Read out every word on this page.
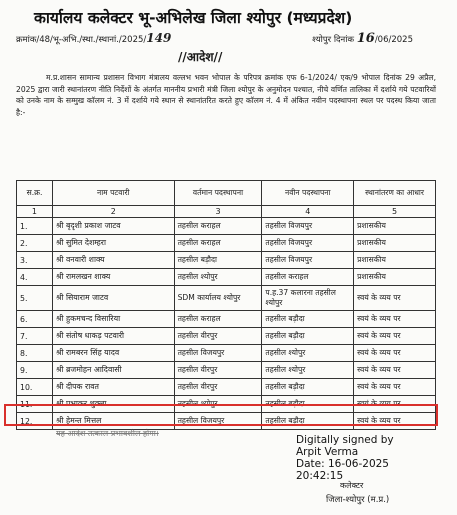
कार्यालय कलेक्टर भू-अभिलेख जिला श्योपुर (मध्यप्रदेश)
क्रमांक/48/भू-अभि./स्था./स्थानां./2025/149	श्योपुर दिनांक 16/06/2025
//आदेश//

म.प्र.शासन सामान्य प्रशासन विभाग मंत्रालय वल्लभ भवन भोपाल के परिपत्र क्रमांक एफ 6-1/2024/ एक/9 भोपाल दिनांक 29 अप्रैल, 2025 द्वारा जारी स्थानांतरण नीति निर्देशों के अंतर्गत माननीय प्रभारी मंत्री जिला श्योपुर के अनुमोदन पश्चात, नीचे वर्णित तालिका में दर्शाये गये पटवारियों को उनके नाम के सम्मुख कॉलम नं. 3 में दर्शाये गये स्थान से स्थानांतरित करते हुए कॉलम नं. 4 में अंकित नवीन पदस्थापना स्थल पर पदस्थ किया जाता है:-

स.क्र.	नाम पटवारी	वर्तमान पदस्थापना	नवीन पदस्थापना	स्थानांतरण का आधार
1	2	3	4	5
1.	श्री बृदृशी प्रकाश जाटव	तहसील कराहल	तहसील विजयपुर	प्रशासकीय
2.	श्री सुमित देशम्हरा	तहसील कराहल	तहसील विजयपुर	प्रशासकीय
3.	श्री वनवारी शाक्य	तहसील बड़ौदा	तहसील विजयपुर	प्रशासकीय
4.	श्री रामलखन शाक्य	तहसील श्योपुर	तहसील कराहल	प्रशासकीय
5.	श्री सियाराम जाटव	SDM कार्यालय श्योपुर	प.ह.37 कलारना तहसील श्योपुर	स्वयं के व्यय पर
6.	श्री हुकमचन्द विसारिया	तहसील कराहल	तहसील बड़ौदा	स्वयं के व्यय पर
7.	श्री संतोष धाकड़ पटवारी	तहसील वीरपुर	तहसील बड़ौदा	स्वयं के व्यय पर
8.	श्री रामबरन सिंह यादव	तहसील विजयपुर	तहसील श्योपुर	स्वयं के व्यय पर
9.	श्री ब्रजमोहन आदिवासी	तहसील वीरपुर	तहसील श्योपुर	स्वयं के व्यय पर
10.	श्री दीपक रावत	तहसील वीरपुर	तहसील बड़ौदा	स्वयं के व्यय पर
11.	श्री प्रभाकर शुक्ला	तहसील श्योपुर	तहसील बड़ौदा	स्वयं के व्यय पर
12.	श्री हेमन्त मित्तल	तहसील विजयपुर	तहसील बड़ौदा	स्वयं के व्यय पर
यह आदेश तत्काल प्रभावशील होगा।
Digitally signed by
Arpit Verma
Date: 16-06-2025
20:42:15
कलेक्टर
जिला-श्योपुर (म.प्र.)
